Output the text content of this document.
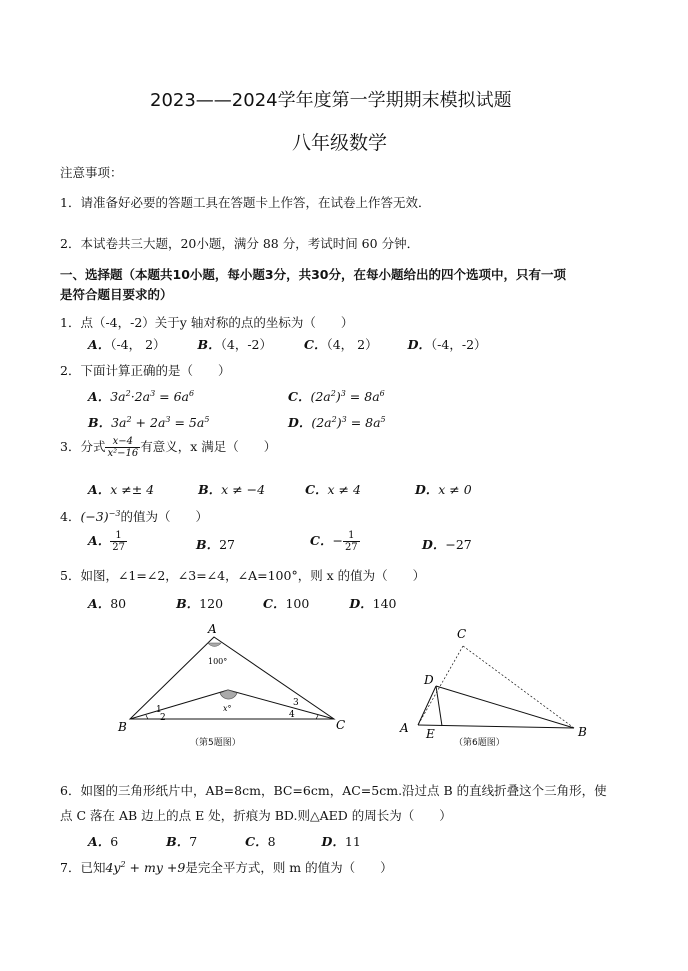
2023——2024学年度第一学期期末模拟试题
八年级数学
注意事项：
1．请准备好必要的答题工具在答题卡上作答，在试卷上作答无效．
2．本试卷共三大题，20小题，满分 88 分，考试时间 60 分钟．
一、选择题（本题共10小题，每小题3分，共30分，在每小题给出的四个选项中，只有一项
是符合题目要求的）
1．点（-4，-2）关于y 轴对称的点的坐标为（　　）
A．（-4， 2）	B．（4，-2）	C．（4， 2） D．（-4，-2）
2．下面计算正确的是（　　）
A．$3a^2\cdot 2a^3 = 6a^6$	C．$(2a^2)^3 = 8a^6$
B．$3a^2 + 2a^3 = 5a^5$	D．$(2a^2)^3 = 8a^5$
3．分式 $\frac{x-4}{\text{x²−16}}$ 有意义，x 满足（　　）
A．x ≠± 4	B．x ≠ −4	C．x ≠ 4	D．x ≠ 0
4．$(-3)^{-3}$的值为（　　）
A． $\frac{1}{27}$	B．27	C．− $\frac{1}{27}$	D．−27
5．如图，∠1=∠2，∠3=∠4，∠A=100°，则 x 的值为（　　）
A．80	B．120	C．100	D．140
A
100°
x°
1
2
3
4
B	C
（第5题图）
C
D
A E	B
（第6题图）
6．如图的三角形纸片中，AB=8cm，BC=6cm，AC=5cm.沿过点 B 的直线折叠这个三角形，使
点 C 落在 AB 边上的点 E 处，折痕为 BD.则△AED 的周长为（　　）
A．6	B．7	C．8	D．11
7．已知$4y^2$ + my +9是完全平方式，则 m 的值为（　　）
